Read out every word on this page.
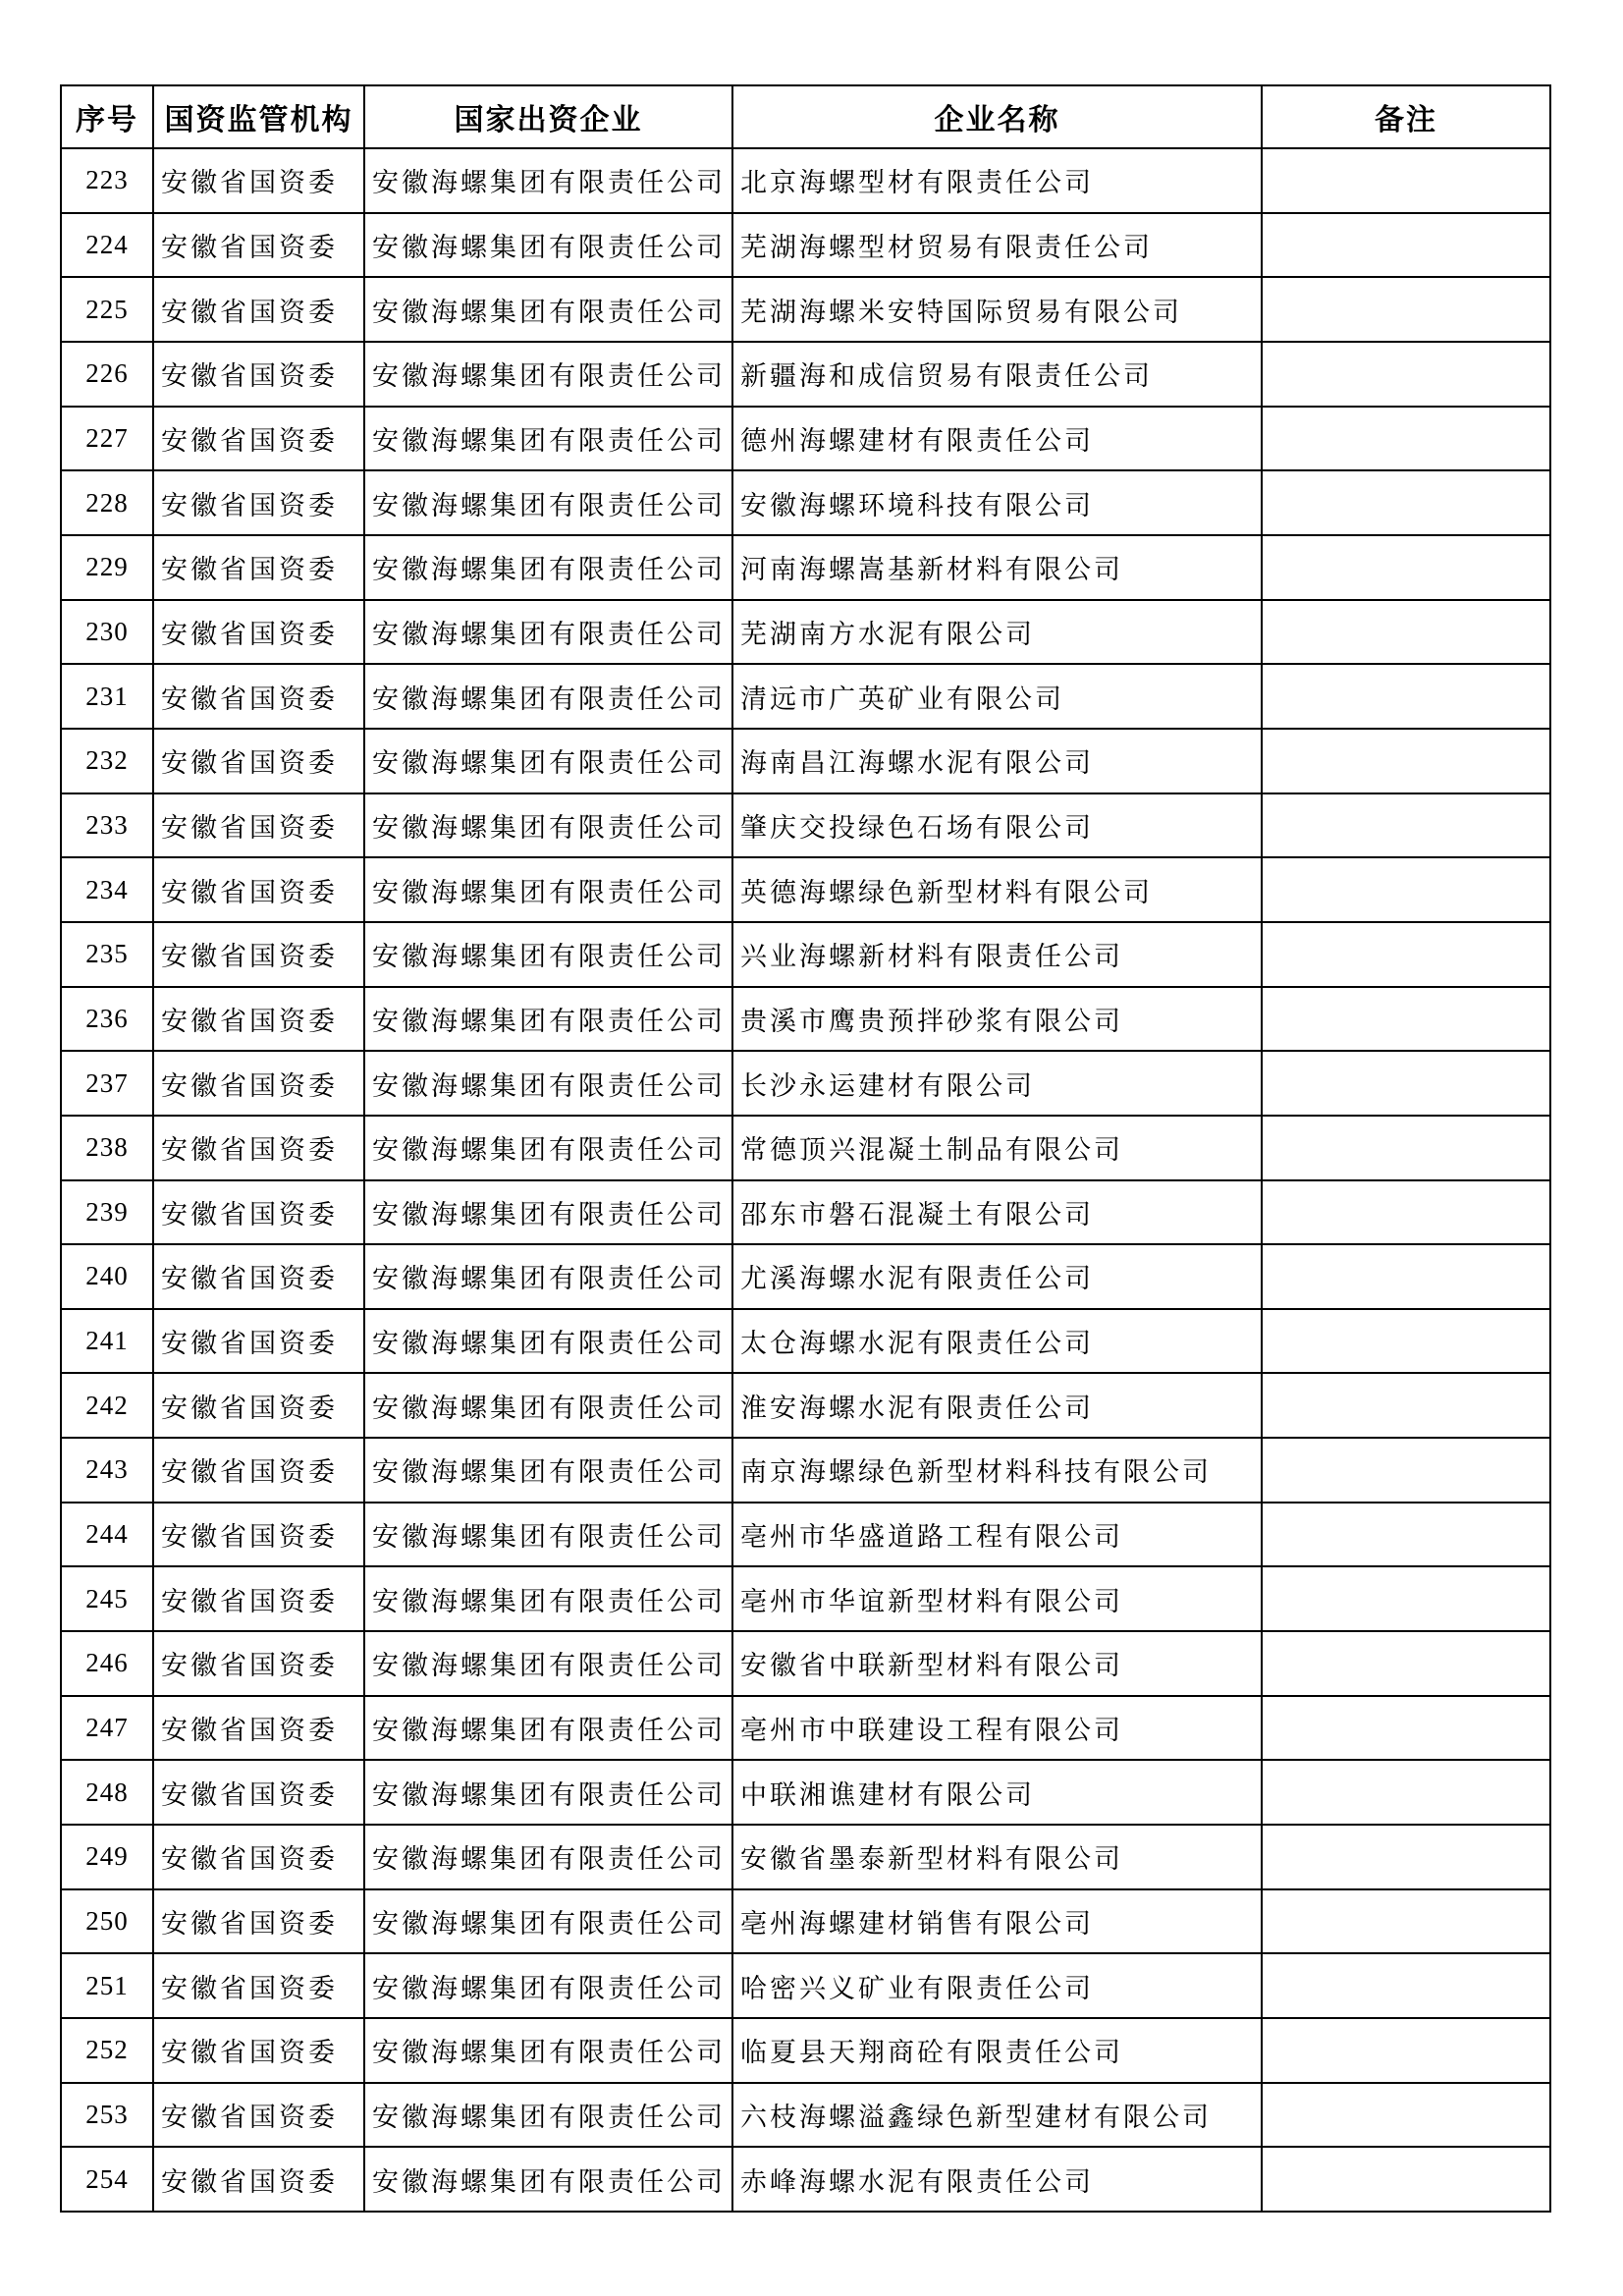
序号	国资监管机构	国家出资企业	企业名称	备注
223	安徽省国资委	安徽海螺集团有限责任公司	北京海螺型材有限责任公司	
224	安徽省国资委	安徽海螺集团有限责任公司	芜湖海螺型材贸易有限责任公司	
225	安徽省国资委	安徽海螺集团有限责任公司	芜湖海螺米安特国际贸易有限公司	
226	安徽省国资委	安徽海螺集团有限责任公司	新疆海和成信贸易有限责任公司	
227	安徽省国资委	安徽海螺集团有限责任公司	德州海螺建材有限责任公司	
228	安徽省国资委	安徽海螺集团有限责任公司	安徽海螺环境科技有限公司	
229	安徽省国资委	安徽海螺集团有限责任公司	河南海螺嵩基新材料有限公司	
230	安徽省国资委	安徽海螺集团有限责任公司	芜湖南方水泥有限公司	
231	安徽省国资委	安徽海螺集团有限责任公司	清远市广英矿业有限公司	
232	安徽省国资委	安徽海螺集团有限责任公司	海南昌江海螺水泥有限公司	
233	安徽省国资委	安徽海螺集团有限责任公司	肇庆交投绿色石场有限公司	
234	安徽省国资委	安徽海螺集团有限责任公司	英德海螺绿色新型材料有限公司	
235	安徽省国资委	安徽海螺集团有限责任公司	兴业海螺新材料有限责任公司	
236	安徽省国资委	安徽海螺集团有限责任公司	贵溪市鹰贵预拌砂浆有限公司	
237	安徽省国资委	安徽海螺集团有限责任公司	长沙永运建材有限公司	
238	安徽省国资委	安徽海螺集团有限责任公司	常德顶兴混凝土制品有限公司	
239	安徽省国资委	安徽海螺集团有限责任公司	邵东市磐石混凝土有限公司	
240	安徽省国资委	安徽海螺集团有限责任公司	尤溪海螺水泥有限责任公司	
241	安徽省国资委	安徽海螺集团有限责任公司	太仓海螺水泥有限责任公司	
242	安徽省国资委	安徽海螺集团有限责任公司	淮安海螺水泥有限责任公司	
243	安徽省国资委	安徽海螺集团有限责任公司	南京海螺绿色新型材料科技有限公司	
244	安徽省国资委	安徽海螺集团有限责任公司	亳州市华盛道路工程有限公司	
245	安徽省国资委	安徽海螺集团有限责任公司	亳州市华谊新型材料有限公司	
246	安徽省国资委	安徽海螺集团有限责任公司	安徽省中联新型材料有限公司	
247	安徽省国资委	安徽海螺集团有限责任公司	亳州市中联建设工程有限公司	
248	安徽省国资委	安徽海螺集团有限责任公司	中联湘谯建材有限公司	
249	安徽省国资委	安徽海螺集团有限责任公司	安徽省墨泰新型材料有限公司	
250	安徽省国资委	安徽海螺集团有限责任公司	亳州海螺建材销售有限公司	
251	安徽省国资委	安徽海螺集团有限责任公司	哈密兴义矿业有限责任公司	
252	安徽省国资委	安徽海螺集团有限责任公司	临夏县天翔商砼有限责任公司	
253	安徽省国资委	安徽海螺集团有限责任公司	六枝海螺溢鑫绿色新型建材有限公司	
254	安徽省国资委	安徽海螺集团有限责任公司	赤峰海螺水泥有限责任公司	
